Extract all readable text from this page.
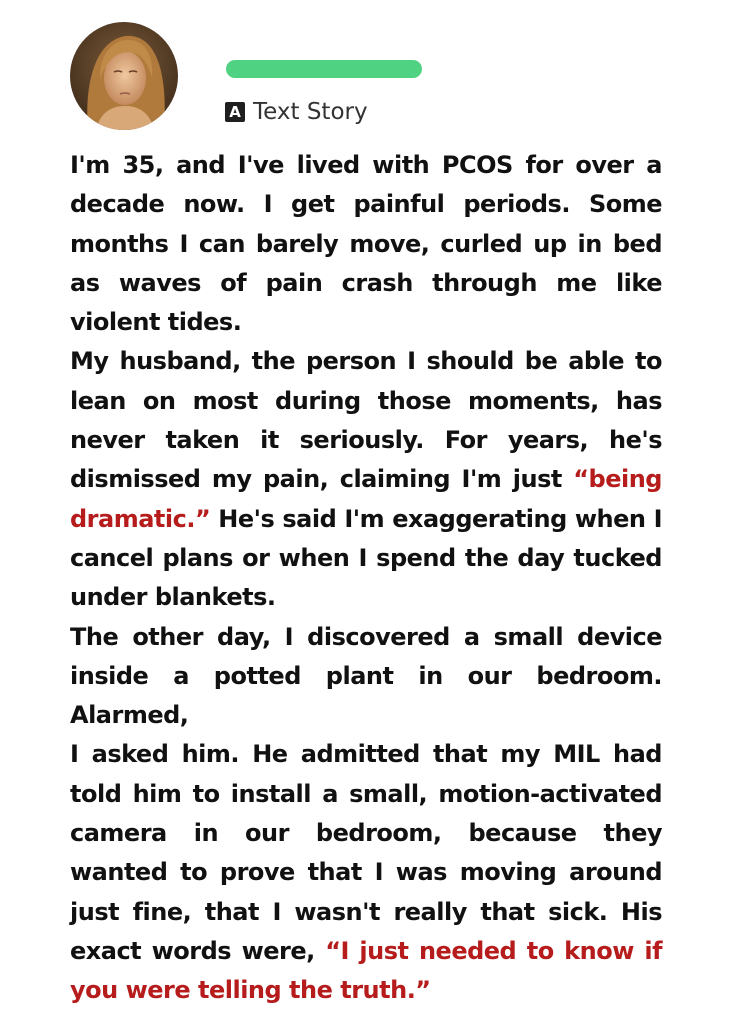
A Text Story

I'm 35, and I've lived with PCOS for over a decade now. I get painful periods. Some months I can barely move, curled up in bed as waves of pain crash through me like violent tides.

My husband, the person I should be able to lean on most during those moments, has never taken it seriously. For years, he's dismissed my pain, claiming I'm just “being dramatic.” He's said I'm exaggerating when I cancel plans or when I spend the day tucked under blankets.

The other day, I discovered a small device inside a potted plant in our bedroom. Alarmed,

I asked him. He admitted that my MIL had told him to install a small, motion-activated camera in our bedroom, because they wanted to prove that I was moving around just fine, that I wasn't really that sick. His exact words were, “I just needed to know if you were telling the truth.”
